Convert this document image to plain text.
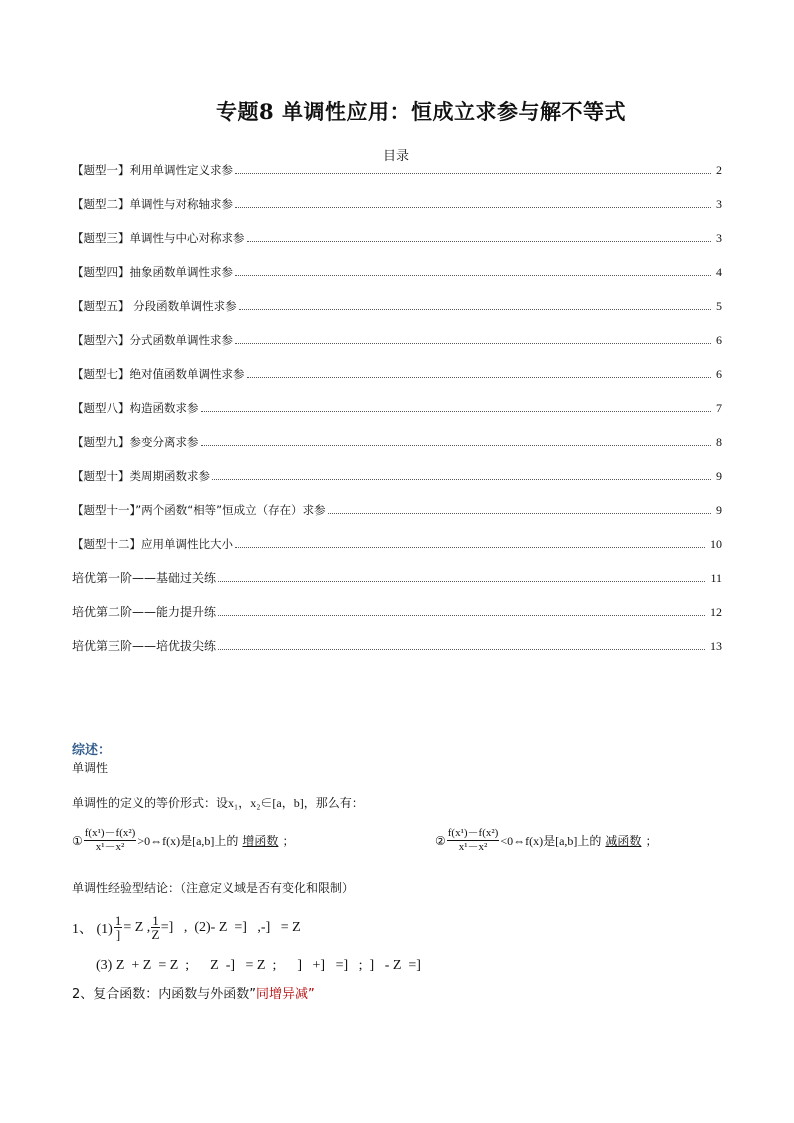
专题8 单调性应用：恒成立求参与解不等式
目录
【题型一】利用单调性定义求参	2
【题型二】单调性与对称轴求参	3
【题型三】单调性与中心对称求参	3
【题型四】抽象函数单调性求参	4
【题型五】 分段函数单调性求参	5
【题型六】分式函数单调性求参	6
【题型七】绝对值函数单调性求参	6
【题型八】构造函数求参	7
【题型九】参变分离求参	8
【题型十】类周期函数求参	9
【题型十一】”两个函数“相等”恒成立（存在）求参	9
【题型十二】应用单调性比大小	10
培优第一阶——基础过关练	11
培优第二阶——能力提升练	12
培优第三阶——培优拔尖练	13
综述：
单调性
单调性的定义的等价形式：设x₁，x₂∈[a，b]，那么有：
① $\frac{\text{f(x¹)－f(x²)}}{\text{x¹－x²}}$ >0⇔f(x)是[a,b]上的 增函数 ；	② $\frac{\text{f(x¹)－f(x²)}}{\text{x¹－x²}}$ <0⇔f(x)是[a,b]上的 减函数 ；
单调性经验型结论：（注意定义域是否有变化和限制）
1、 $(1) \frac{1}{]} = Z$ , $\frac{1}{Z}$ =]   ,  (2)- Z  =]   ,-]   = Z
(3) Z  + Z  = Z  ;      Z  -]   = Z  ;      ]   +]   =]   ;  ]   - Z  =]
2、复合函数：内函数与外函数”同增异减”
